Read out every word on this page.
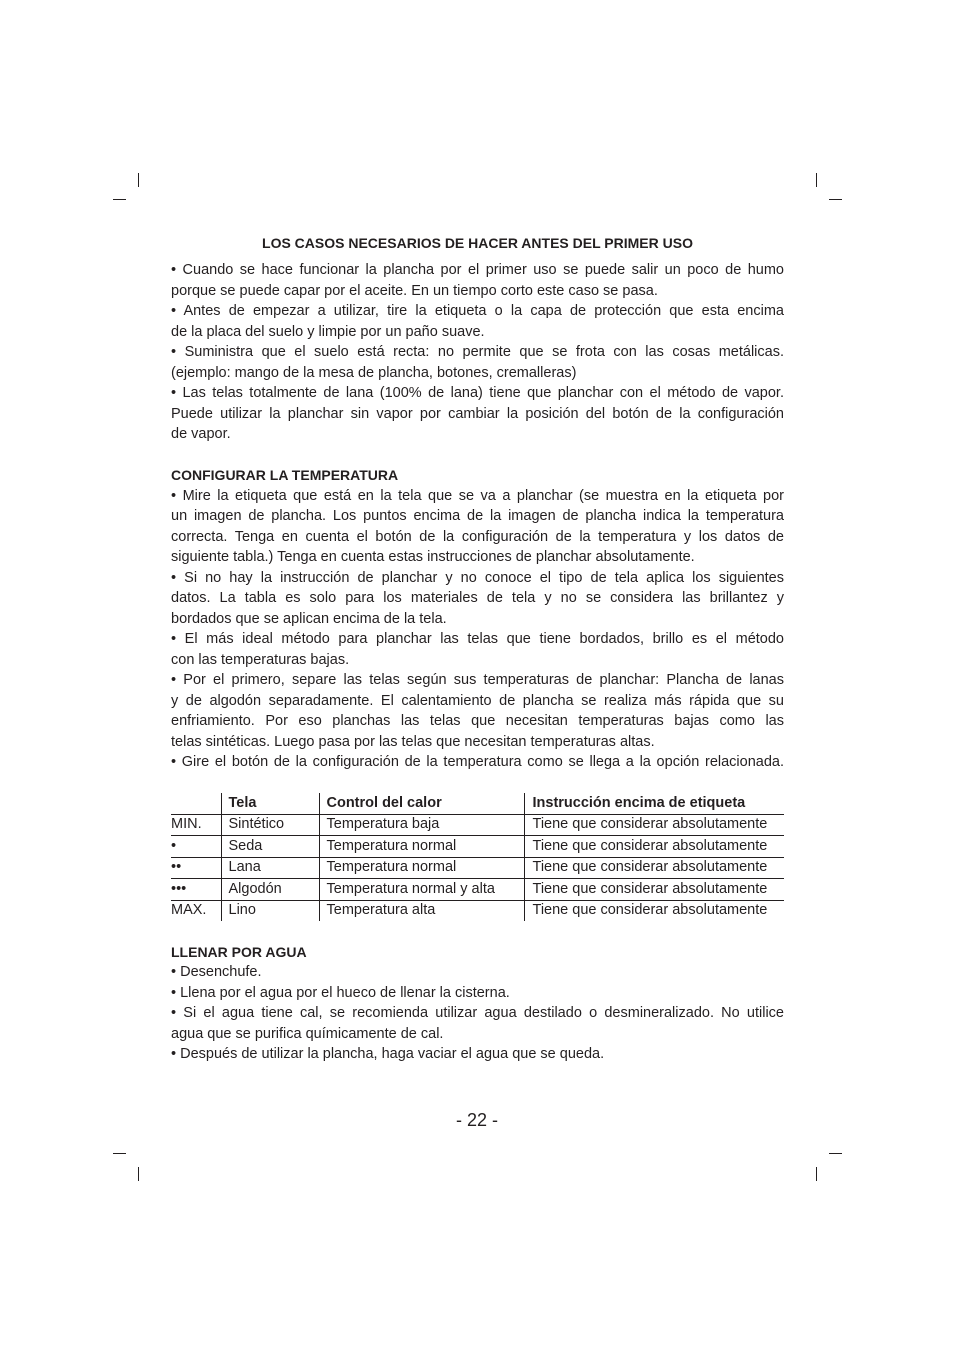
LOS CASOS NECESARIOS DE HACER ANTES DEL PRIMER USO
• Cuando se hace funcionar la plancha por el primer uso se puede salir un poco de humo
porque se puede capar por el aceite. En un tiempo corto este caso se pasa.
• Antes de empezar a utilizar, tire la etiqueta o la capa de protección que esta encima
de la placa del suelo y limpie por un paño suave.
• Suministra que el suelo está recta: no permite que se frota con las cosas metálicas.
(ejemplo: mango de la mesa de plancha, botones, cremalleras)
• Las telas totalmente de lana (100% de lana) tiene que planchar con el método de vapor.
Puede utilizar la planchar sin vapor por cambiar la posición del botón de la configuración
de vapor.
CONFIGURAR LA TEMPERATURA
• Mire la etiqueta que está en la tela que se va a planchar (se muestra en la etiqueta por
un imagen de plancha. Los puntos encima de la imagen de plancha indica la temperatura
correcta. Tenga en cuenta el botón de la configuración de la temperatura y los datos de
siguiente tabla.) Tenga en cuenta estas instrucciones de planchar absolutamente.
• Si no hay la instrucción de planchar y no conoce el tipo de tela aplica los siguientes
datos. La tabla es solo para los materiales de tela y no se considera las brillantez y
bordados que se aplican encima de la tela.
• El más ideal método para planchar las telas que tiene bordados, brillo es el método
con las temperaturas bajas.
• Por el primero, separe las telas según sus temperaturas de planchar: Plancha de lanas
y de algodón separadamente. El calentamiento de plancha se realiza más rápida que su
enfriamiento. Por eso planchas las telas que necesitan temperaturas bajas como las
telas sintéticas. Luego pasa por las telas que necesitan temperaturas altas.
• Gire el botón de la configuración de la temperatura como se llega a la opción relacionada.
	Tela	Control del calor	Instrucción encima de etiqueta
MIN.	Sintético	Temperatura baja	Tiene que considerar absolutamente
•	Seda	Temperatura normal	Tiene que considerar absolutamente
••	Lana	Temperatura normal	Tiene que considerar absolutamente
•••	Algodón	Temperatura normal y alta	Tiene que considerar absolutamente
MAX.	Lino	Temperatura alta	Tiene que considerar absolutamente
LLENAR POR AGUA
• Desenchufe.
• Llena por el agua por el hueco de llenar la cisterna.
• Si el agua tiene cal, se recomienda utilizar agua destilado o desmineralizado. No utilice
agua que se purifica químicamente de cal.
• Después de utilizar la plancha, haga vaciar el agua que se queda.
- 22 -
